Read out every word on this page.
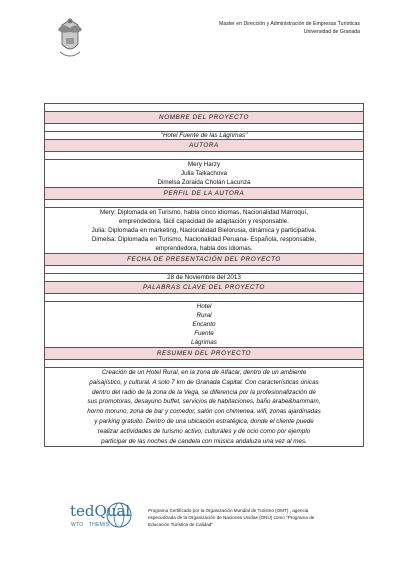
Master en Dirección y Administración de Empresas Turísticas
Universidad de Granada

NOMBRE DEL PROYECTO

"Hotel Fuente de las Lágrimas"
AUTORA

Mery Harzy
Julia Talkachova
Dimelsa Zoraida Cholán Lacunza

PERFIL DE LA AUTORA

Mery: Diplomada en Turismo, habla cinco idiomas, Nacionalidad Marroquí,
emprendedora, fácil capacidad de adaptación y responsable.
Julia: Diplomada en marketing, Nacionalidad Bielorusia, dinámica y participativa.
Dimelsa: Diplomada en Turismo, Nacionalidad Peruana- Española, responsable,
emprendedora, habla dos idiomas.

FECHA DE PRESENTACIÓN DEL PROYECTO

28 de Noviembre del 2013
PALABRAS CLAVE DEL PROYECTO

Hotel
Rural
Encanto
Fuente
Lágrimas

RESUMEN DEL PROYECTO

Creación de un Hotel Rural, en la zona de Alfacar, dentro de un ambiente
paisajístico, y cultural. A solo 7 km de Granada Capital. Con características únicas
dentro del radio de la zona de la Vega, se diferencia por la profesionalización de
sus promotoras, desayuno buffet, servicios de habitaciones, baño árabe&hammam,
horno moruno, zona de bar y comedor, salón con chimenea, wifi, zonas ajardinadas
y parking gratuito. Dentro de una ubicación estratégica, donde el cliente puede
realizar actividades de turismo activo, culturales y de ocio como por ejemplo
participar de las noches de candela con música andaluza una vez al mes.
tedQual
WTO · THEMIS
Programa Certificado por la Organización Mundial de Turismo (OMT) , agencia
especializada de la Organización de Naciones Unidas (ONU) como "Programa de
Educación Turística de Calidad"
